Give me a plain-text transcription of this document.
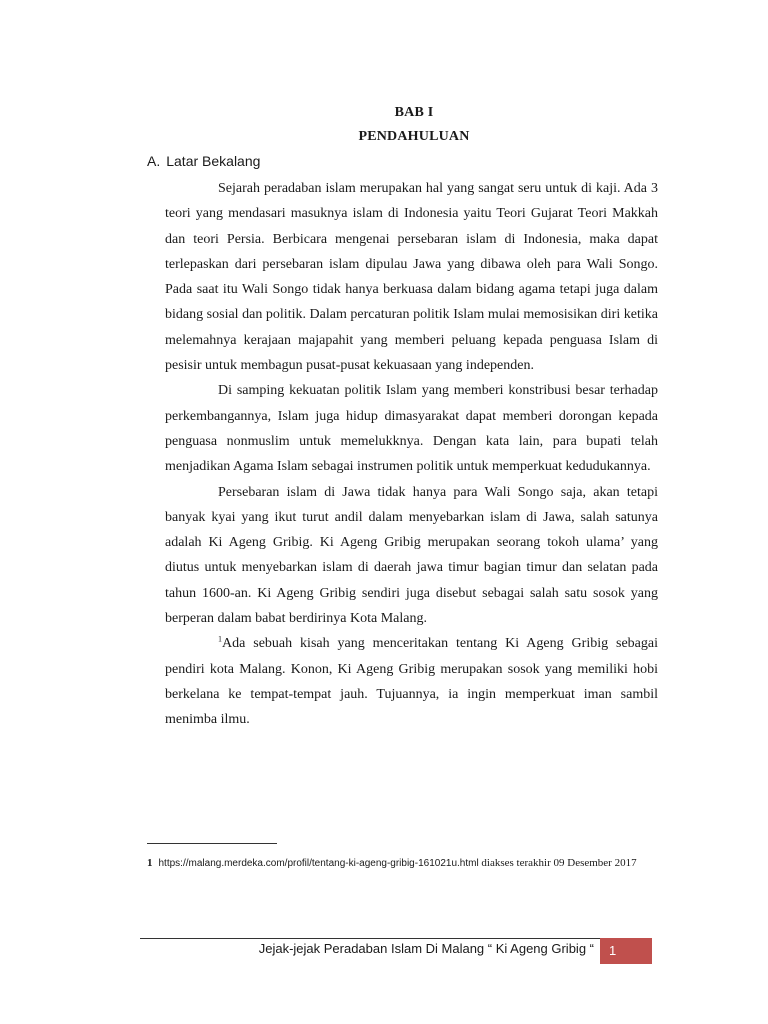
BAB I
PENDAHULUAN
A. Latar Bekalang

Sejarah peradaban islam merupakan hal yang sangat seru untuk di kaji. Ada 3 teori yang mendasari masuknya islam di Indonesia yaitu Teori Gujarat Teori Makkah dan teori Persia. Berbicara mengenai persebaran islam di Indonesia, maka dapat terlepaskan dari persebaran islam dipulau Jawa yang dibawa oleh para Wali Songo. Pada saat itu Wali Songo tidak hanya berkuasa dalam bidang agama tetapi juga dalam bidang sosial dan politik. Dalam percaturan politik Islam mulai memosisikan diri ketika melemahnya kerajaan majapahit yang memberi peluang kepada penguasa Islam di pesisir untuk membagun pusat-pusat kekuasaan yang independen.

Di samping kekuatan politik Islam yang memberi konstribusi besar terhadap perkembangannya, Islam juga hidup dimasyarakat dapat memberi dorongan kepada penguasa nonmuslim untuk memelukknya. Dengan kata lain, para bupati telah menjadikan Agama Islam sebagai instrumen politik untuk memperkuat kedudukannya.

Persebaran islam di Jawa tidak hanya para Wali Songo saja, akan tetapi banyak kyai yang ikut turut andil dalam menyebarkan islam di Jawa, salah satunya adalah Ki Ageng Gribig. Ki Ageng Gribig merupakan seorang tokoh ulama’ yang diutus untuk menyebarkan islam di daerah jawa timur bagian timur dan selatan pada tahun 1600-an. Ki Ageng Gribig sendiri juga disebut sebagai salah satu sosok yang berperan dalam babat berdirinya Kota Malang.

$^1$Ada sebuah kisah yang menceritakan tentang Ki Ageng Gribig sebagai pendiri kota Malang. Konon, Ki Ageng Gribig merupakan sosok yang memiliki hobi berkelana ke tempat-tempat jauh. Tujuannya, ia ingin memperkuat iman sambil menimba ilmu.

1 https://malang.merdeka.com/profil/tentang-ki-ageng-gribig-161021u.html diakses terakhir 09 Desember 2017
Jejak-jejak Peradaban Islam Di Malang “ Ki Ageng Gribig “	1
